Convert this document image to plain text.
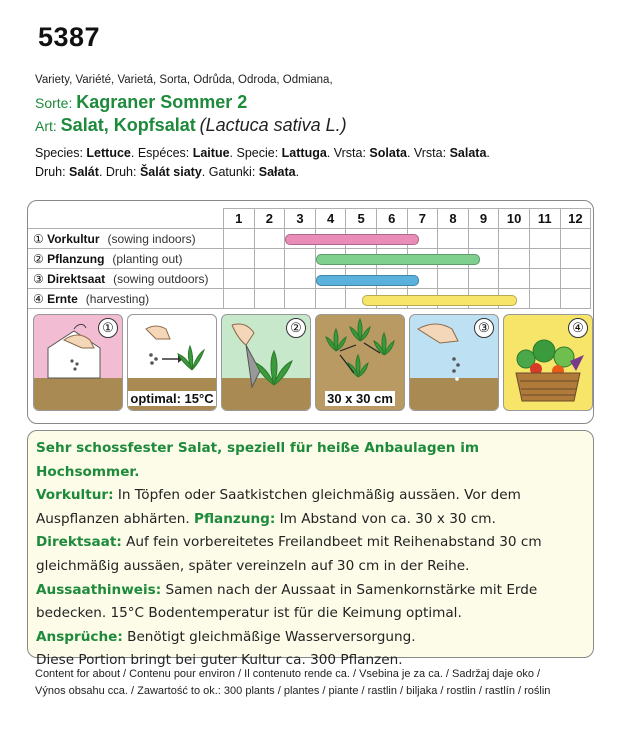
5387
Variety, Variété, Varietá, Sorta, Odrůda, Odroda, Odmiana,
Sorte: Kagraner Sommer 2
Art: Salat, Kopfsalat (Lactuca sativa L.)
Species: Lettuce. Espéces: Laitue. Specie: Lattuga. Vrsta: Solata. Vrsta: Salata.
Druh: Salát. Druh: Šalát siaty. Gatunki: Sałata.
	1	2	3	4	5	6	7	8	9	10	11	12
① Vorkultur (sowing indoors)												
② Pflanzung (planting out)												
③ Direktsaat (sowing outdoors)												
④ Ernte (harvesting)												
①
optimal: 15°C
②
30 x 30 cm
③	④
Sehr schossfester Salat, speziell für heiße Anbaulagen im Hochsommer.
Vorkultur: In Töpfen oder Saatkistchen gleichmäßig aussäen. Vor dem Auspflanzen abhärten. Pflanzung: Im Abstand von ca. 30 x 30 cm.
Direktsaat: Auf fein vorbereitetes Freilandbeet mit Reihenabstand 30 cm gleichmäßig aussäen, später vereinzeln auf 30 cm in der Reihe.
Aussaathinweis: Samen nach der Aussaat in Samenkornstärke mit Erde bedecken. 15°C Bodentemperatur ist für die Keimung optimal.
Ansprüche: Benötigt gleichmäßige Wasserversorgung.
Diese Portion bringt bei guter Kultur ca. 300 Pflanzen.
Content for about / Contenu pour environ / Il contenuto rende ca. / Vsebina je za ca. / Sadržaj daje oko /
Výnos obsahu cca. / Zawartość to ok.: 300 plants / plantes / piante / rastlin / biljaka / rostlin / rastlín / roślin
